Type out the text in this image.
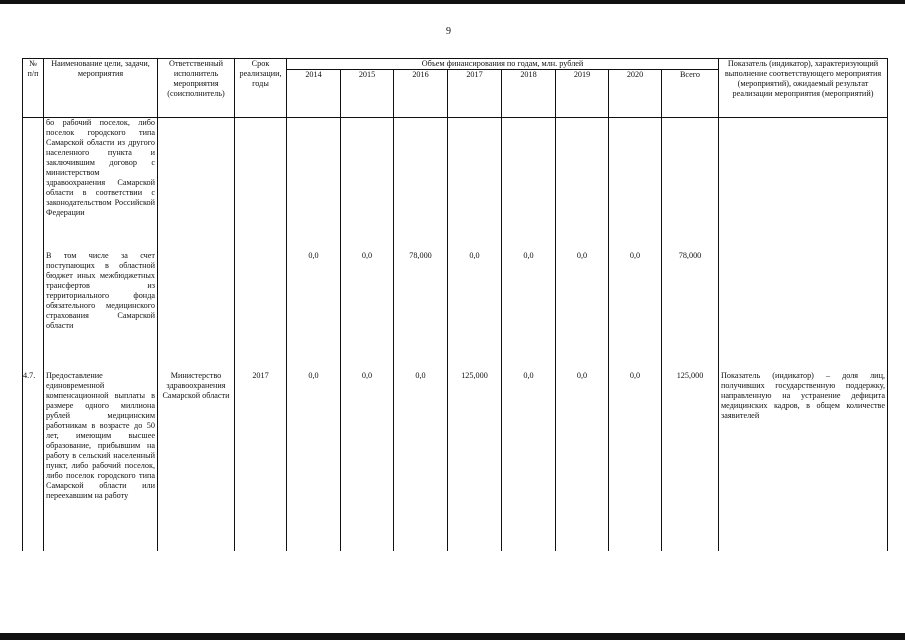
9
№ п/п	Наименование цели, задачи, мероприятия	Ответственный исполнитель мероприятия (соисполнитель)	Срок реализации, годы	Объем финансирования по годам, млн. рублей								Показатель (индикатор), характеризующий выполнение соответствующего мероприятия (мероприятий), ожидаемый результат реализации мероприятия (мероприятий)
				2014	2015	2016	2017	2018	2019	2020	Всего	
	бо рабочий поселок, либо поселок городского типа Самарской области из другого населенного пункта и заключившим договор с министерством здравоохранения Самарской области в соответствии с законодательством Российской Федерации											
	В том числе за счет поступающих в областной бюджет иных межбюджетных трансфертов из территориального фонда обязательного медицинского страхования Самарской области			0,0	0,0	78,000	0,0	0,0	0,0	0,0	78,000	
4.7.	Предоставление единовременной компенсационной выплаты в размере одного миллиона рублей медицинским работникам в возрасте до 50 лет, имеющим высшее образование, прибывшим на работу в сельский населенный пункт, либо рабочий поселок, либо поселок городского типа Самарской области или переехавшим на работу	Министерство здравоохранения Самарской области	2017	0,0	0,0	0,0	125,000	0,0	0,0	0,0	125,000	Показатель (индикатор) – доля лиц, получивших государственную поддержку, направленную на устранение дефицита медицинских кадров, в общем количестве заявителей
